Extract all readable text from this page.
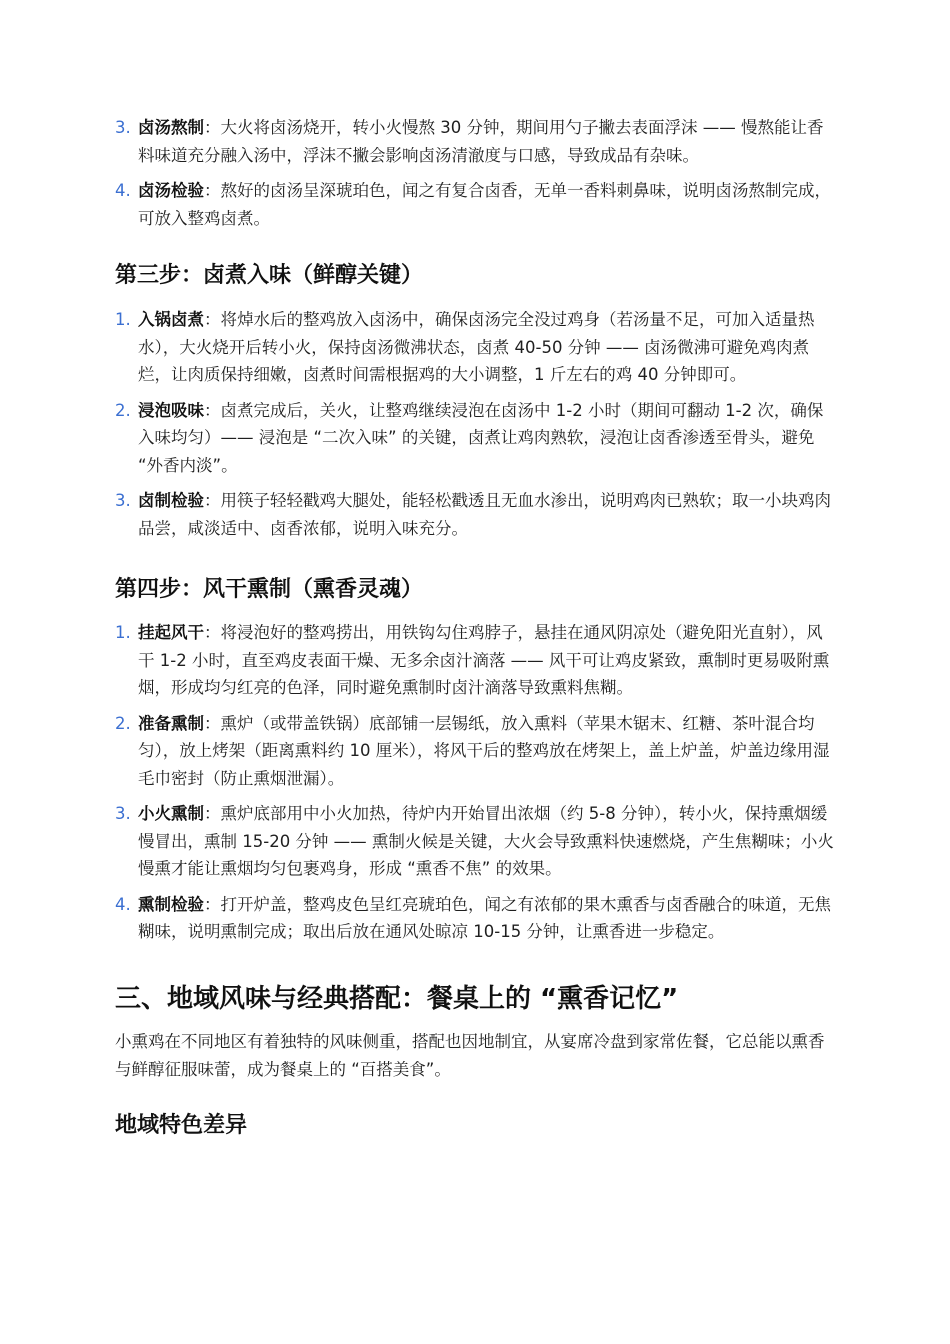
3. 卤汤熬制：大火将卤汤烧开，转小火慢熬 30 分钟，期间用勺子撇去表面浮沫 —— 慢熬能让香料味道充分融入汤中，浮沫不撇会影响卤汤清澈度与口感，导致成品有杂味。
4. 卤汤检验：熬好的卤汤呈深琥珀色，闻之有复合卤香，无单一香料刺鼻味，说明卤汤熬制完成，可放入整鸡卤煮。
第三步：卤煮入味（鲜醇关键）
1. 入锅卤煮：将焯水后的整鸡放入卤汤中，确保卤汤完全没过鸡身（若汤量不足，可加入适量热水），大火烧开后转小火，保持卤汤微沸状态，卤煮 40-50 分钟 —— 卤汤微沸可避免鸡肉煮烂，让肉质保持细嫩，卤煮时间需根据鸡的大小调整，1 斤左右的鸡 40 分钟即可。
2. 浸泡吸味：卤煮完成后，关火，让整鸡继续浸泡在卤汤中 1-2 小时（期间可翻动 1-2 次，确保入味均匀）—— 浸泡是 “二次入味” 的关键，卤煮让鸡肉熟软，浸泡让卤香渗透至骨头，避免 “外香内淡”。
3. 卤制检验：用筷子轻轻戳鸡大腿处，能轻松戳透且无血水渗出，说明鸡肉已熟软；取一小块鸡肉品尝，咸淡适中、卤香浓郁，说明入味充分。
第四步：风干熏制（熏香灵魂）
1. 挂起风干：将浸泡好的整鸡捞出，用铁钩勾住鸡脖子，悬挂在通风阴凉处（避免阳光直射），风干 1-2 小时，直至鸡皮表面干燥、无多余卤汁滴落 —— 风干可让鸡皮紧致，熏制时更易吸附熏烟，形成均匀红亮的色泽，同时避免熏制时卤汁滴落导致熏料焦糊。
2. 准备熏制：熏炉（或带盖铁锅）底部铺一层锡纸，放入熏料（苹果木锯末、红糖、茶叶混合均匀），放上烤架（距离熏料约 10 厘米），将风干后的整鸡放在烤架上，盖上炉盖，炉盖边缘用湿毛巾密封（防止熏烟泄漏）。
3. 小火熏制：熏炉底部用中小火加热，待炉内开始冒出浓烟（约 5-8 分钟），转小火，保持熏烟缓慢冒出，熏制 15-20 分钟 —— 熏制火候是关键，大火会导致熏料快速燃烧，产生焦糊味；小火慢熏才能让熏烟均匀包裹鸡身，形成 “熏香不焦” 的效果。
4. 熏制检验：打开炉盖，整鸡皮色呈红亮琥珀色，闻之有浓郁的果木熏香与卤香融合的味道，无焦糊味，说明熏制完成；取出后放在通风处晾凉 10-15 分钟，让熏香进一步稳定。
三、地域风味与经典搭配：餐桌上的 “熏香记忆”

小熏鸡在不同地区有着独特的风味侧重，搭配也因地制宜，从宴席冷盘到家常佐餐，它总能以熏香与鲜醇征服味蕾，成为餐桌上的 “百搭美食”。

地域特色差异
